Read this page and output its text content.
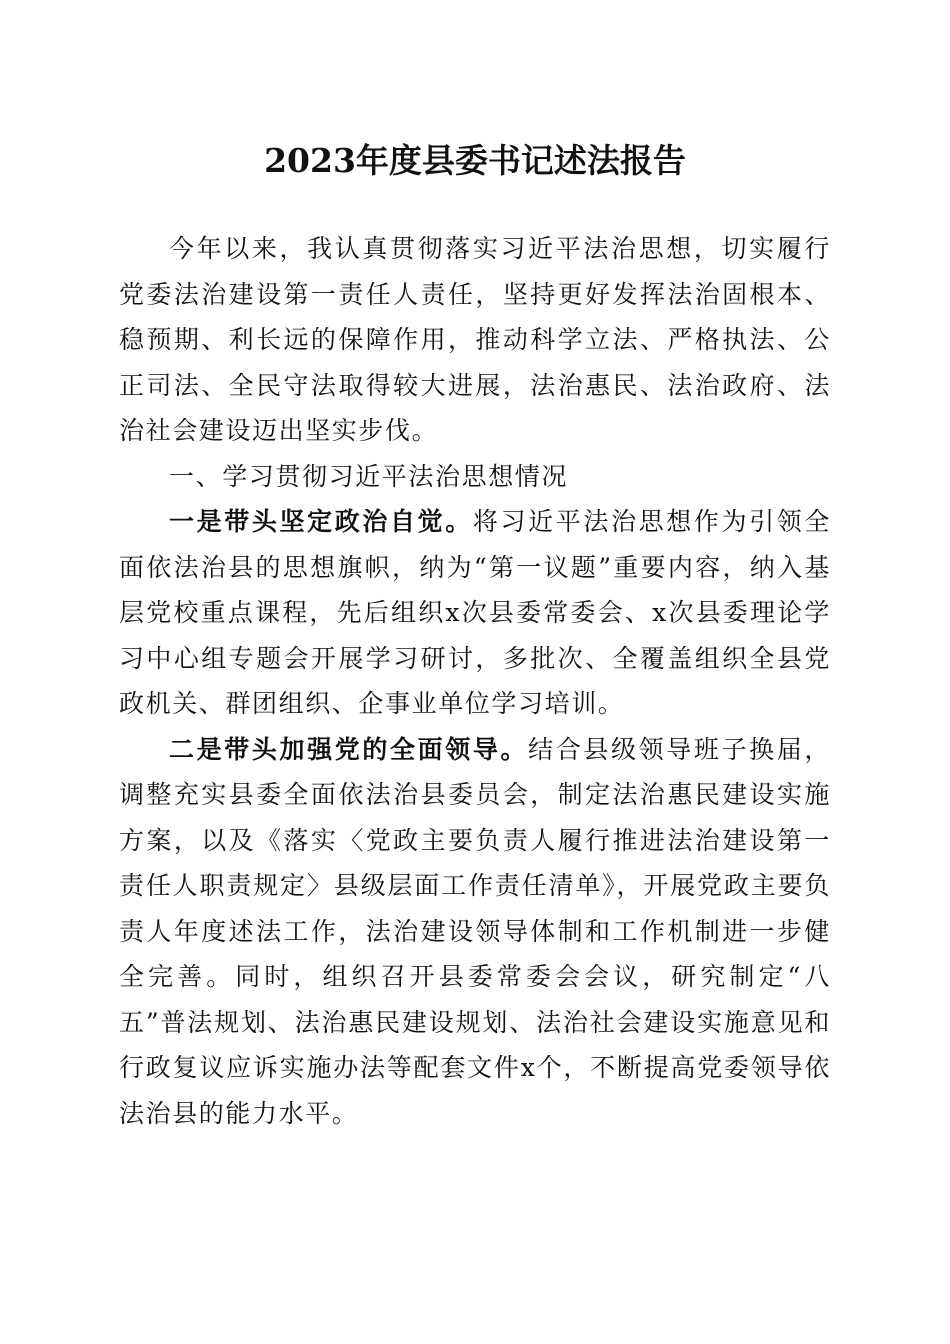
2023年度县委书记述法报告

今年以来，我认真贯彻落实习近平法治思想，切实履行党委法治建设第一责任人责任，坚持更好发挥法治固根本、稳预期、利长远的保障作用，推动科学立法、严格执法、公正司法、全民守法取得较大进展，法治惠民、法治政府、法治社会建设迈出坚实步伐。

一、学习贯彻习近平法治思想情况

一是带头坚定政治自觉。将习近平法治思想作为引领全面依法治县的思想旗帜，纳为“第一议题”重要内容，纳入基层党校重点课程，先后组织x次县委常委会、x次县委理论学习中心组专题会开展学习研讨，多批次、全覆盖组织全县党政机关、群团组织、企事业单位学习培训。

二是带头加强党的全面领导。结合县级领导班子换届，调整充实县委全面依法治县委员会，制定法治惠民建设实施方案，以及《落实〈党政主要负责人履行推进法治建设第一责任人职责规定〉县级层面工作责任清单》，开展党政主要负责人年度述法工作，法治建设领导体制和工作机制进一步健全完善。同时，组织召开县委常委会会议，研究制定“八五”普法规划、法治惠民建设规划、法治社会建设实施意见和行政复议应诉实施办法等配套文件x个，不断提高党委领导依法治县的能力水平。
